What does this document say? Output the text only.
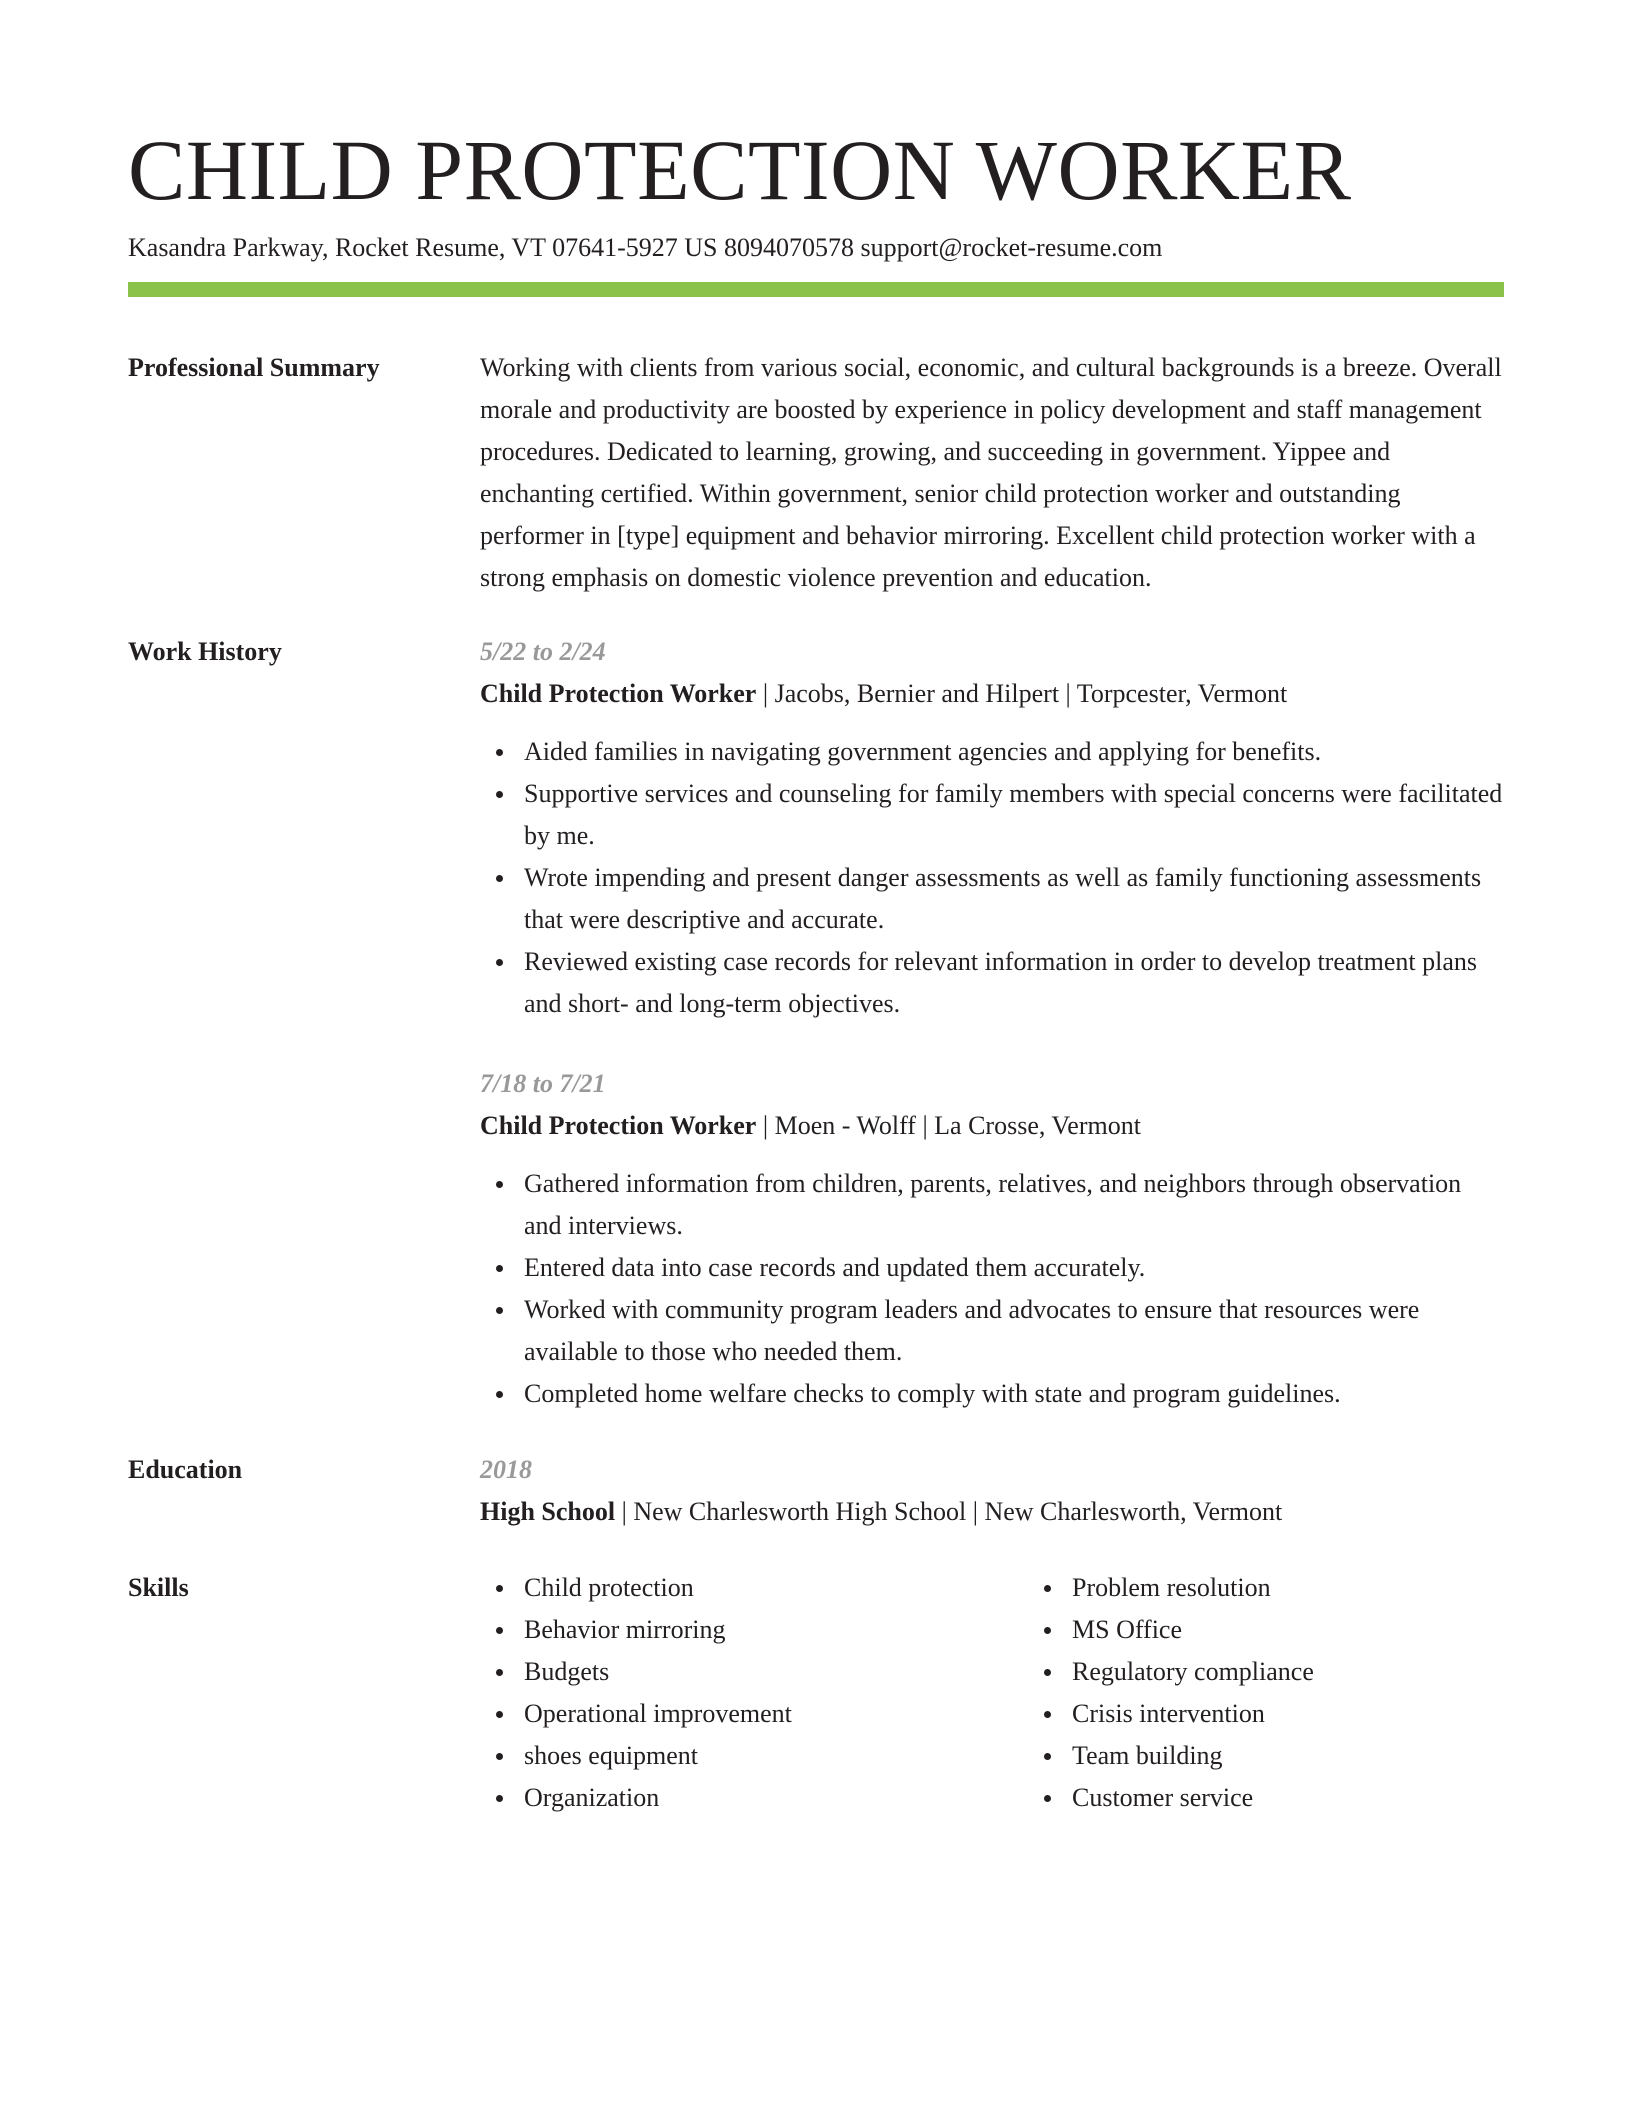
CHILD PROTECTION WORKER
Kasandra Parkway, Rocket Resume, VT 07641-5927 US 8094070578 support@rocket-resume.com
Professional Summary	Working with clients from various social, economic, and cultural backgrounds is a breeze. Overall morale and productivity are boosted by experience in policy development and staff management procedures. Dedicated to learning, growing, and succeeding in government. Yippee and enchanting certified. Within government, senior child protection worker and outstanding performer in [type] equipment and behavior mirroring. Excellent child protection worker with a strong emphasis on domestic violence prevention and education.
Work History	5/22 to 2/24
Child Protection Worker | Jacobs, Bernier and Hilpert | Torpcester, Vermont
Aided families in navigating government agencies and applying for benefits.
Supportive services and counseling for family members with special concerns were facilitated by me.
Wrote impending and present danger assessments as well as family functioning assessments that were descriptive and accurate.
Reviewed existing case records for relevant information in order to develop treatment plans and short- and long-term objectives.
7/18 to 7/21
Child Protection Worker | Moen - Wolff | La Crosse, Vermont
Gathered information from children, parents, relatives, and neighbors through observation and interviews.
Entered data into case records and updated them accurately.
Worked with community program leaders and advocates to ensure that resources were available to those who needed them.
Completed home welfare checks to comply with state and program guidelines.
Education	2018
High School | New Charlesworth High School | New Charlesworth, Vermont
Skills	Child protection
Behavior mirroring
Budgets
Operational improvement
shoes equipment
Organization
Problem resolution
MS Office
Regulatory compliance
Crisis intervention
Team building
Customer service
